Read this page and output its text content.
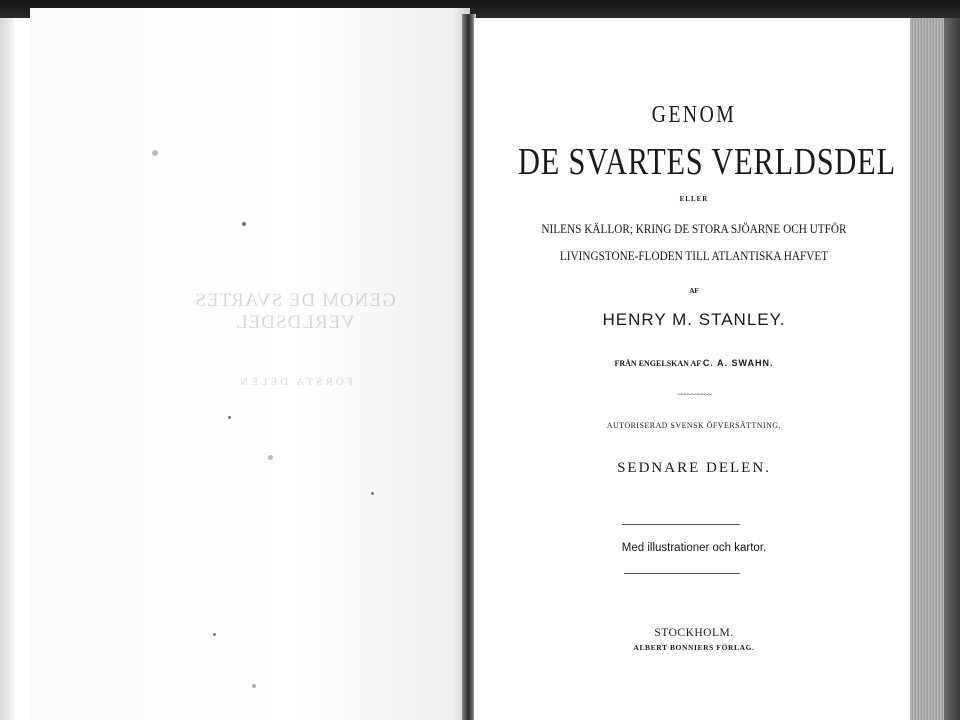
GENOM DE SVARTES VERLDSDEL
FÖRSTA DELEN
GENOM
DE SVARTES VERLDSDEL
ELLER
NILENS KÄLLOR; KRING DE STORA SJÖARNE OCH UTFÖR
LIVINGSTONE-FLODEN TILL ATLANTISKA HAFVET
AF
HENRY M. STANLEY.
FRÅN ENGELSKAN AF C. A. SWAHN.
~~~~~~~~~~
AUTORISERAD SVENSK ÖFVERSÄTTNING.
SEDNARE DELEN.
Med illustrationer och kartor.
STOCKHOLM.
ALBERT BONNIERS FÖRLAG.
